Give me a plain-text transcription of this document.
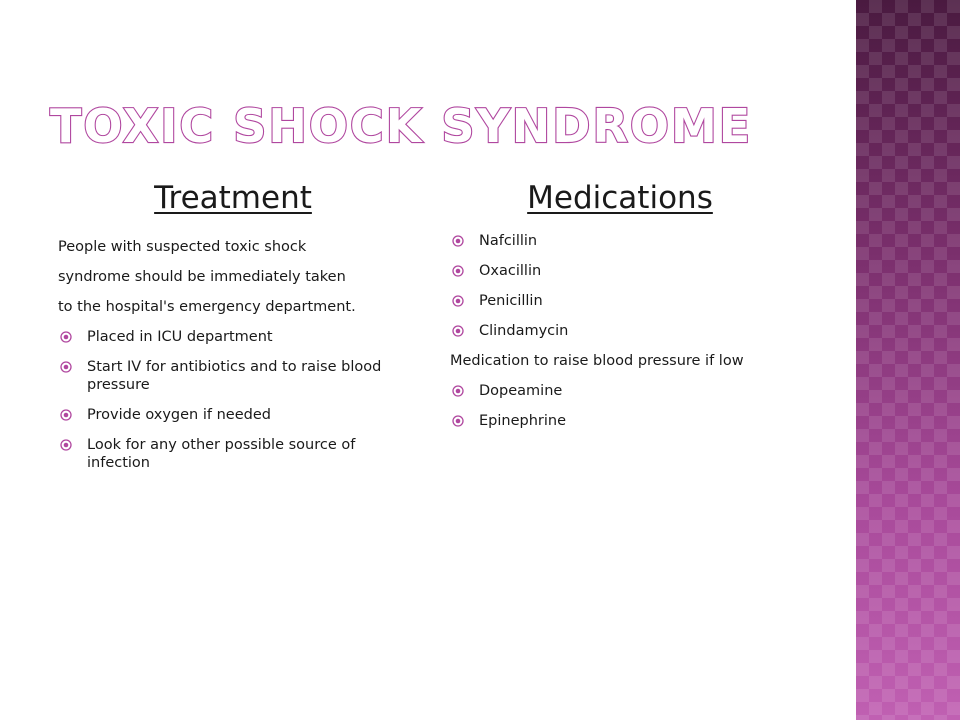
TOXIC SHOCK SYNDROME
Treatment

People with suspected toxic shock
syndrome should be immediately taken
to the hospital's emergency department.

Placed in ICU department
Start IV for antibiotics and to raise blood pressure
Provide oxygen if needed
Look for any other possible source of infection
Medications
Nafcillin
Oxacillin
Penicillin
Clindamycin

Medication to raise blood pressure if low

Dopeamine
Epinephrine
